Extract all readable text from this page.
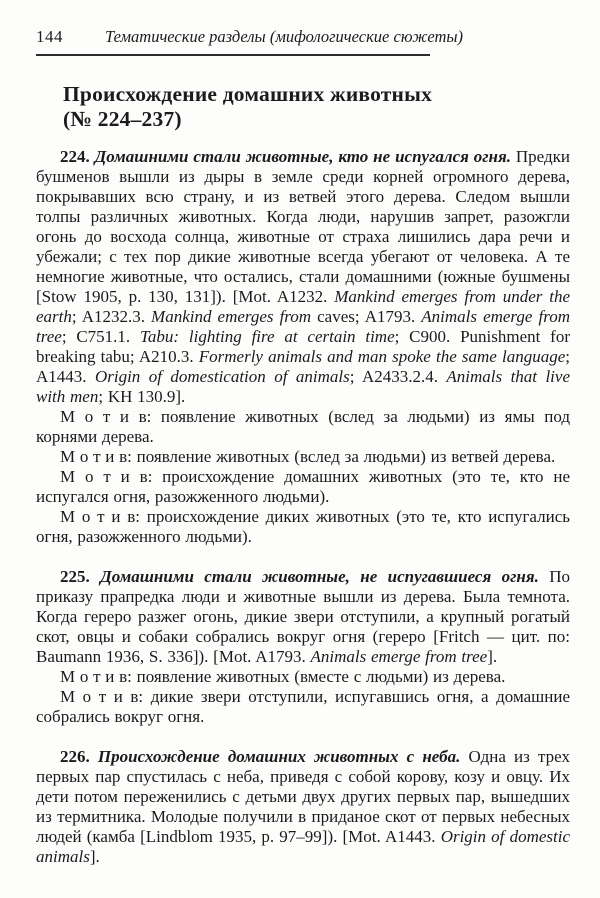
144	Тематические разделы (мифологические сюжеты)
Происхождение домашних животных
(№ 224–237)

224. Домашними стали животные, кто не испугался огня. Предки бушменов вышли из дыры в земле среди корней огромного дерева, покрывавших всю страну, и из ветвей этого дерева. Следом вышли толпы различных животных. Когда люди, нарушив запрет, разожгли огонь до восхода солнца, животные от страха лишились дара речи и убежали; с тех пор дикие животные всегда убегают от человека. А те немногие животные, что остались, стали домашними (южные бушмены [Stow 1905, p. 130, 131]). [Mot. A1232. Mankind emerges from under the earth; A1232.3. Mankind emerges from caves; A1793. Animals emerge from tree; C751.1. Tabu: lighting fire at certain time; C900. Punishment for breaking tabu; A210.3. Formerly animals and man spoke the same language; A1443. Origin of domestication of animals; A2433.2.4. Animals that live with men; KH 130.9].

М о т и в: появление животных (вслед за людьми) из ямы под корнями дерева.

М о т и в: появление животных (вслед за людьми) из ветвей дерева.

М о т и в: происхождение домашних животных (это те, кто не испугался огня, разожженного людьми).

М о т и в: происхождение диких животных (это те, кто испугались огня, разожженного людьми).

225. Домашними стали животные, не испугавшиеся огня. По приказу прапредка люди и животные вышли из дерева. Была темнота. Когда гереро разжег огонь, дикие звери отступили, а крупный рогатый скот, овцы и собаки собрались вокруг огня (гереро [Fritch — цит. по: Baumann 1936, S. 336]). [Mot. A1793. Animals emerge from tree].

М о т и в: появление животных (вместе с людьми) из дерева.

М о т и в: дикие звери отступили, испугавшись огня, а домашние собрались вокруг огня.

226. Происхождение домашних животных с неба. Одна из трех первых пар спустилась с неба, приведя с собой корову, козу и овцу. Их дети потом переженились с детьми двух других первых пар, вышедших из термитника. Молодые получили в приданое скот от первых небесных людей (камба [Lindblom 1935, p. 97–99]). [Mot. A1443. Origin of domestic animals].
